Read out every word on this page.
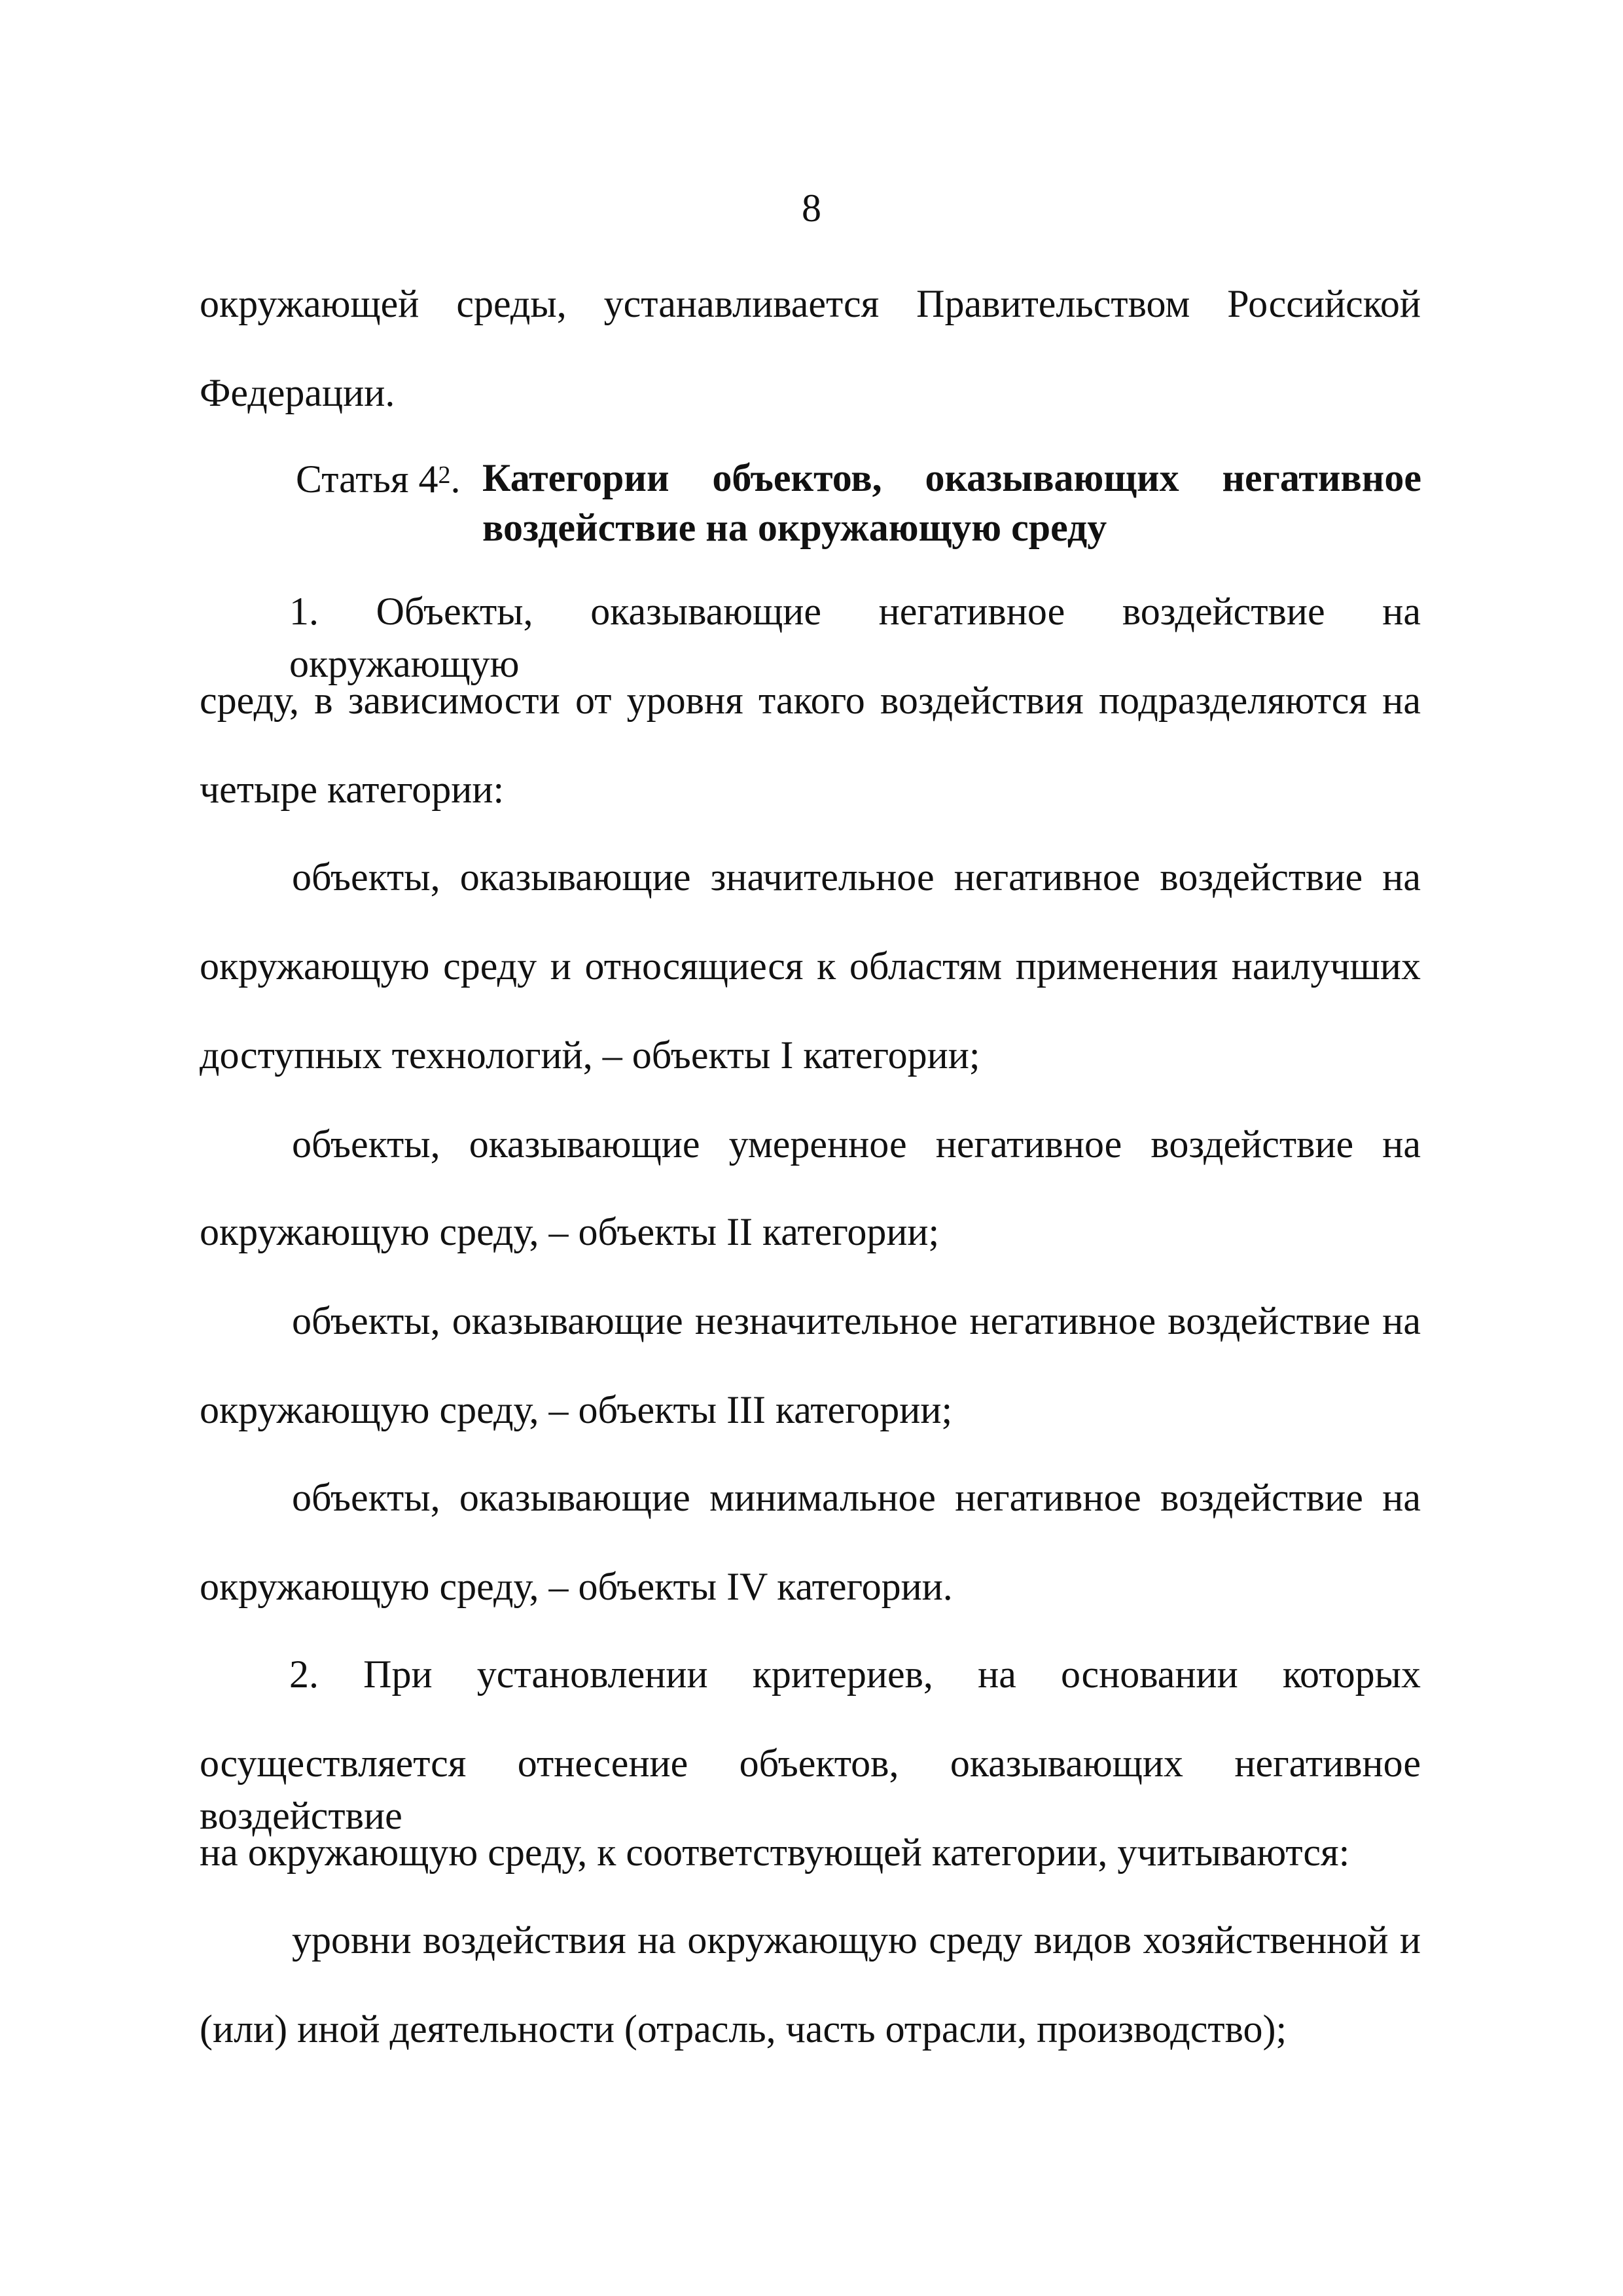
8
окружающей среды, устанавливается Правительством Российской
Федерации.
Статья $4^2$. Категории объектов, оказывающих негативное
воздействие на окружающую среду
1. Объекты, оказывающие негативное воздействие на окружающую
среду, в зависимости от уровня такого воздействия подразделяются на
четыре категории:
объекты, оказывающие значительное негативное воздействие на
окружающую среду и относящиеся к областям применения наилучших
доступных технологий, – объекты I категории;
объекты, оказывающие умеренное негативное воздействие на
окружающую среду, – объекты II категории;
объекты, оказывающие незначительное негативное воздействие на
окружающую среду, – объекты III категории;
объекты, оказывающие минимальное негативное воздействие на
окружающую среду, – объекты IV категории.
2. При установлении критериев, на основании которых
осуществляется отнесение объектов, оказывающих негативное воздействие
на окружающую среду, к соответствующей категории, учитываются:
уровни воздействия на окружающую среду видов хозяйственной и
(или) иной деятельности (отрасль, часть отрасли, производство);
